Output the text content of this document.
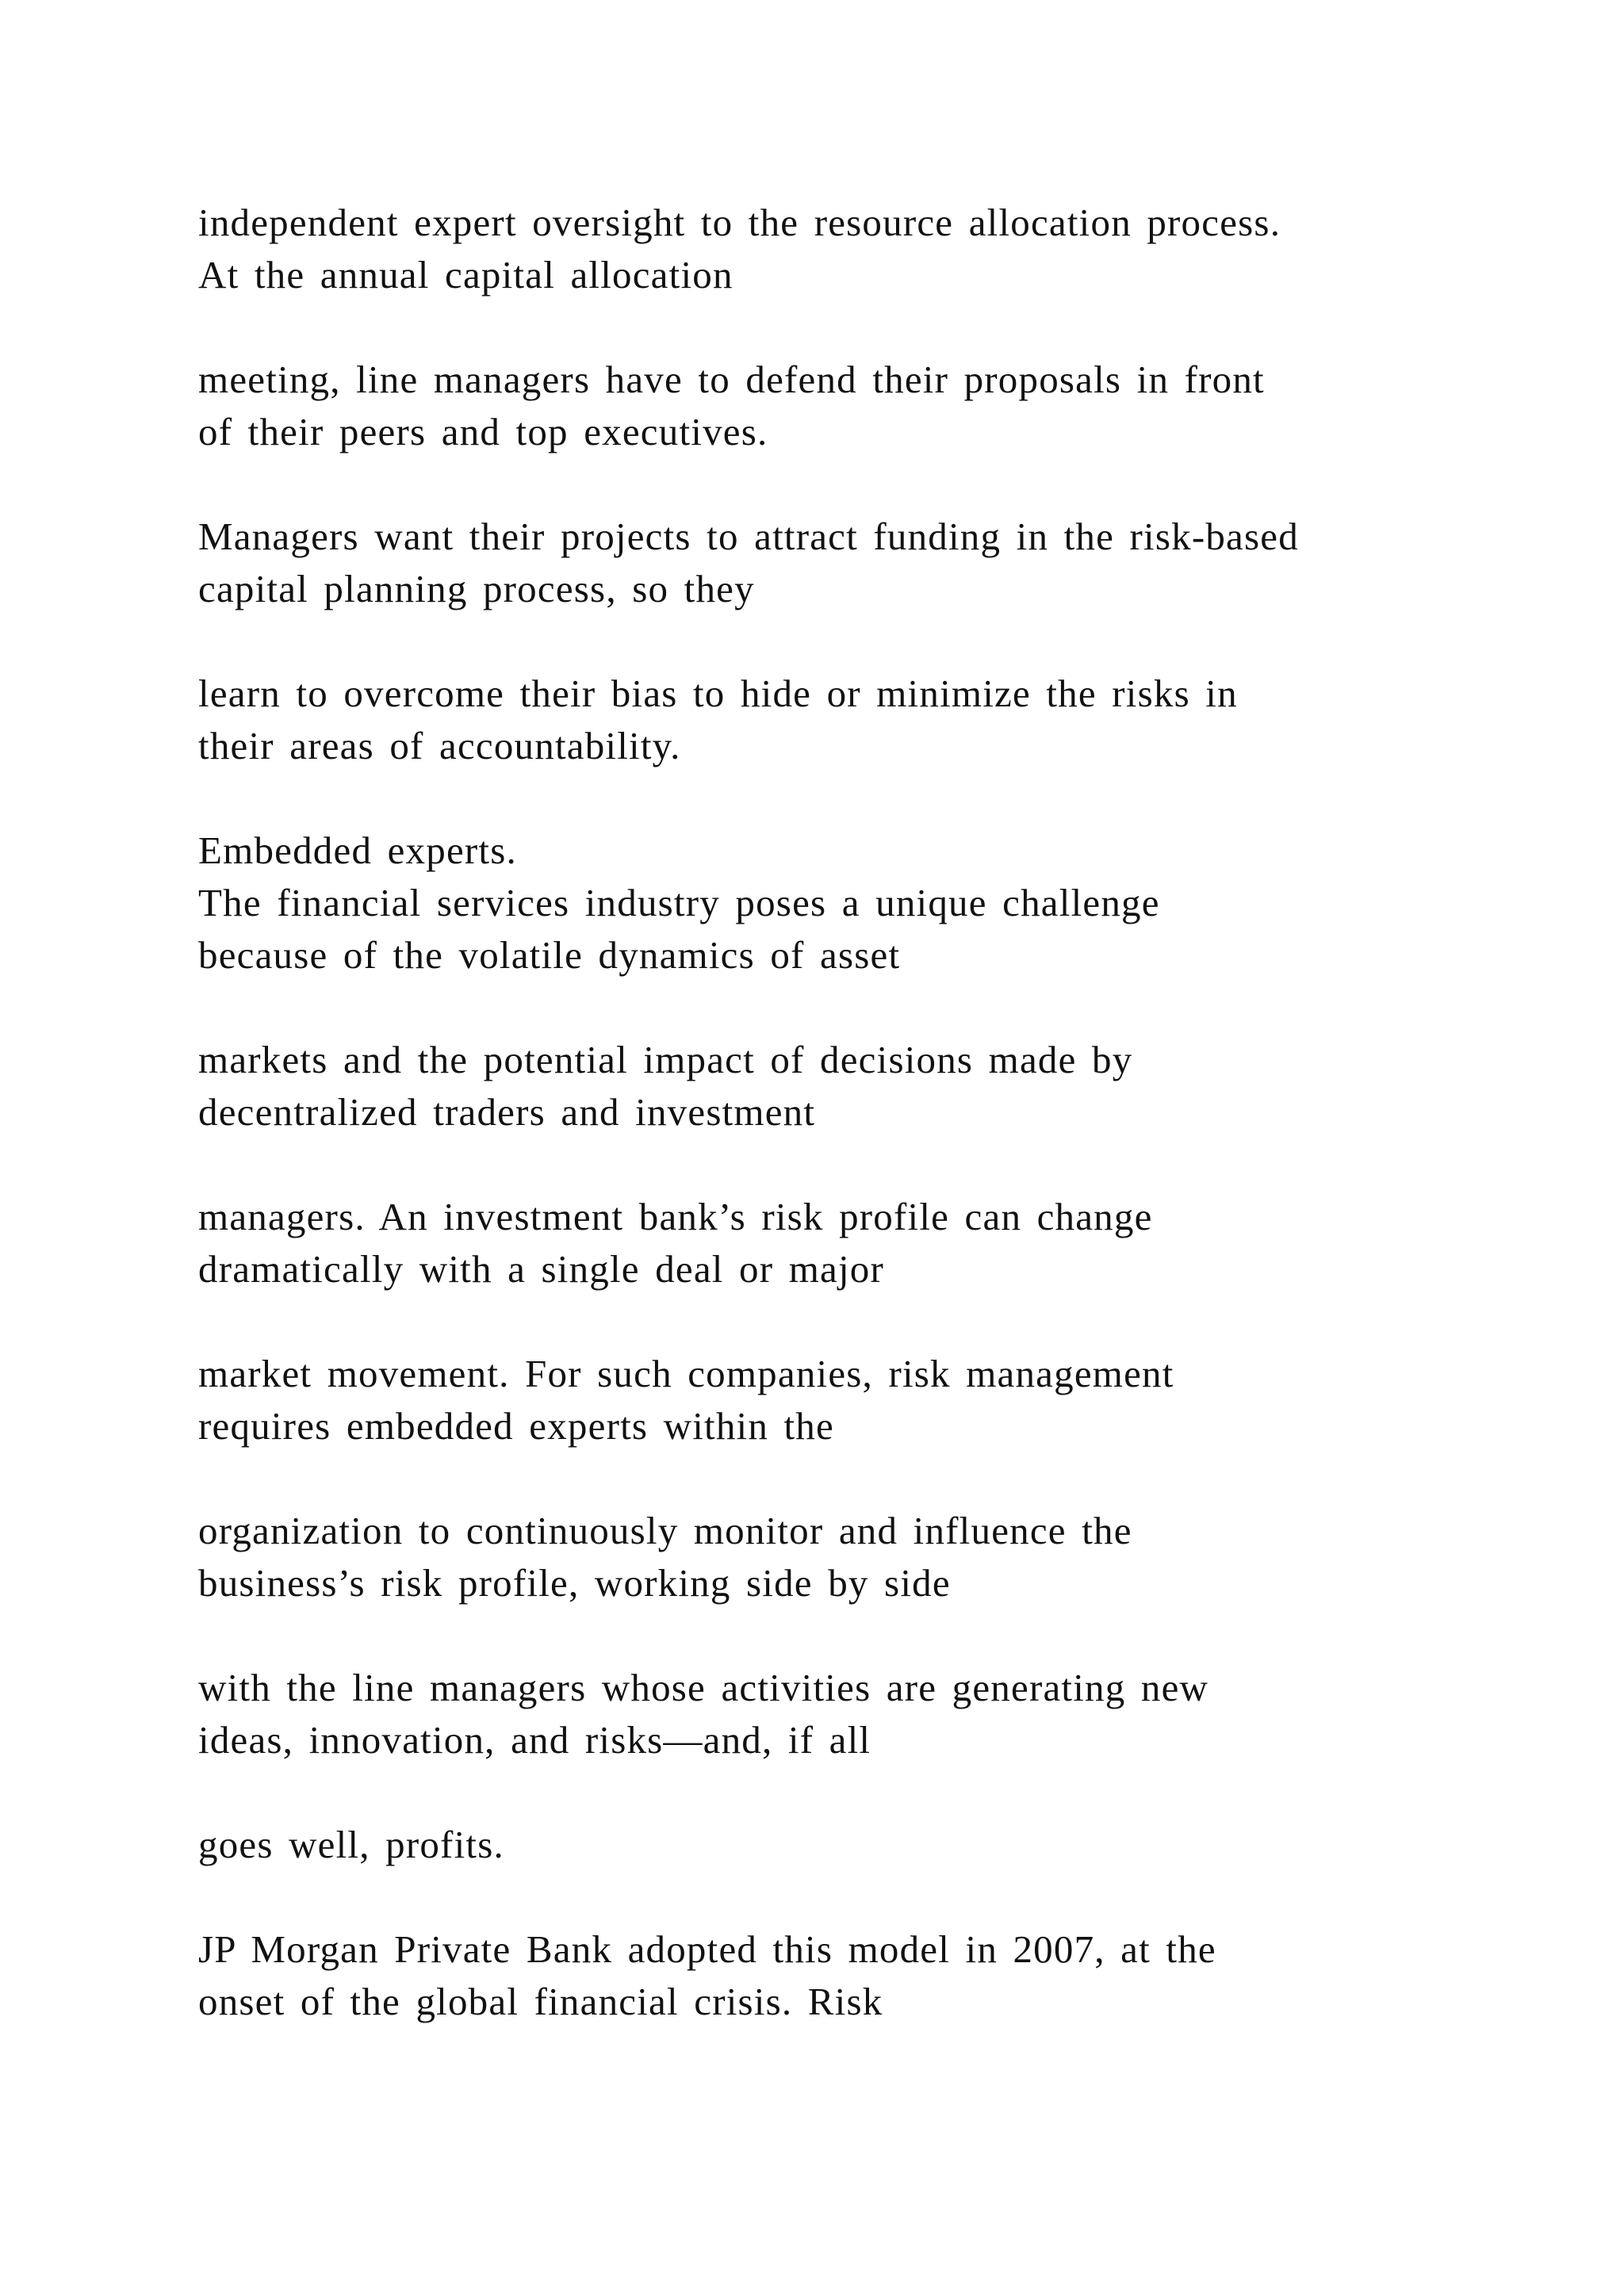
independent expert oversight to the resource allocation process.

At the annual capital allocation

meeting, line managers have to defend their proposals in front

of their peers and top executives.

Managers want their projects to attract funding in the risk-based

capital planning process, so they

learn to overcome their bias to hide or minimize the risks in

their areas of accountability.

Embedded experts.

The financial services industry poses a unique challenge

because of the volatile dynamics of asset

markets and the potential impact of decisions made by

decentralized traders and investment

managers. An investment bank’s risk profile can change

dramatically with a single deal or major

market movement. For such companies, risk management

requires embedded experts within the

organization to continuously monitor and influence the

business’s risk profile, working side by side

with the line managers whose activities are generating new

ideas, innovation, and risks—and, if all

goes well, profits.

JP Morgan Private Bank adopted this model in 2007, at the

onset of the global financial crisis. Risk
